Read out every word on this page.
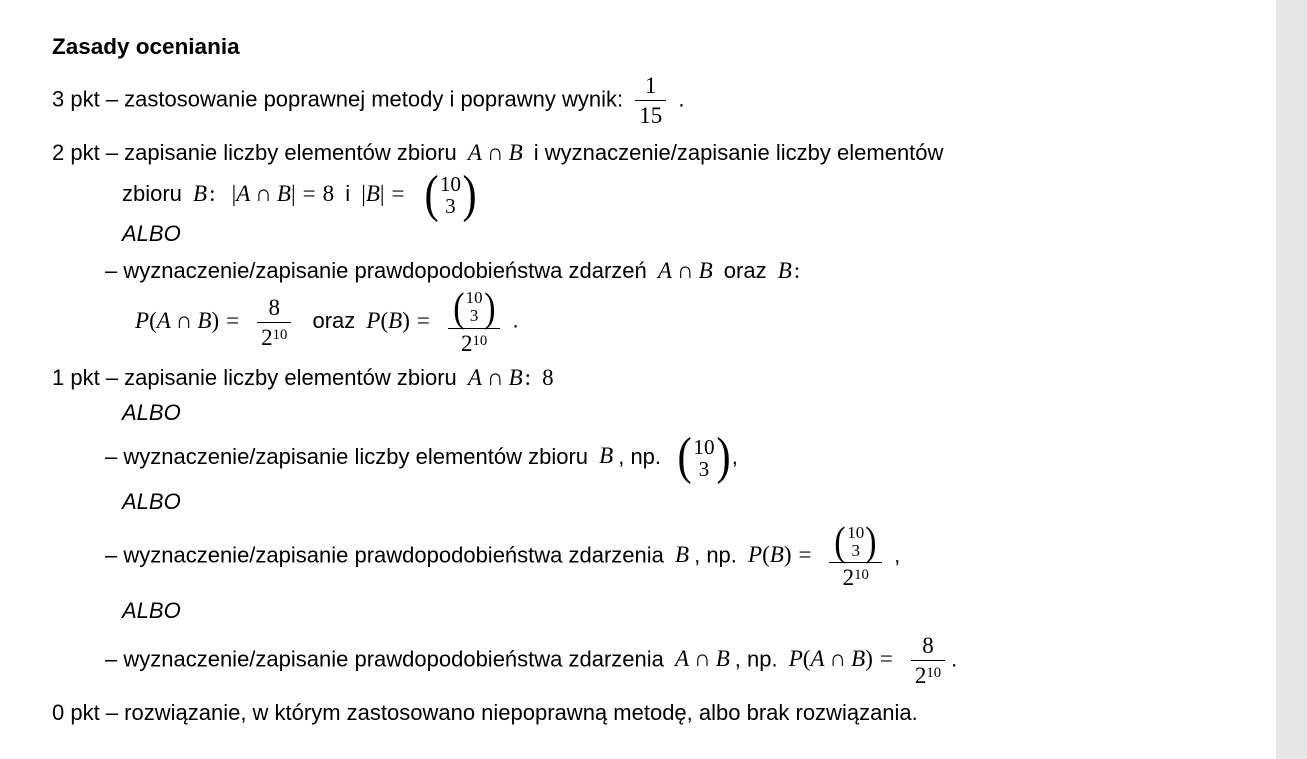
Zasady oceniania
3 pkt – zastosowanie poprawnej metody i poprawny wynik: $\frac{1}{15}$ .
2 pkt – zapisanie liczby elementów zbioru A ∩ B i wyznaczenie/zapisanie liczby elementów
zbioru B: |A ∩ B| = 8 i |B| = ( 10
3 )
ALBO
– wyznaczenie/zapisanie prawdopodobieństwa zdarzeń A ∩ B oraz B:
P(A ∩ $B) = \frac{8}{2^{10}}$ oraz P(B) = ( 10
3 )
$2^{10}$ .
1 pkt – zapisanie liczby elementów zbioru A ∩ B: 8
ALBO
– wyznaczenie/zapisanie liczby elementów zbioru B , np. ( 10
3 ) ,
ALBO
– wyznaczenie/zapisanie prawdopodobieństwa zdarzenia B , np. P(B) = ( 10
3 )
$2^{10}$ ,
ALBO
– wyznaczenie/zapisanie prawdopodobieństwa zdarzenia A ∩ B , np. P(A ∩ $B) = \frac{8}{2^{10}}$ .
0 pkt – rozwiązanie, w którym zastosowano niepoprawną metodę, albo brak rozwiązania.
